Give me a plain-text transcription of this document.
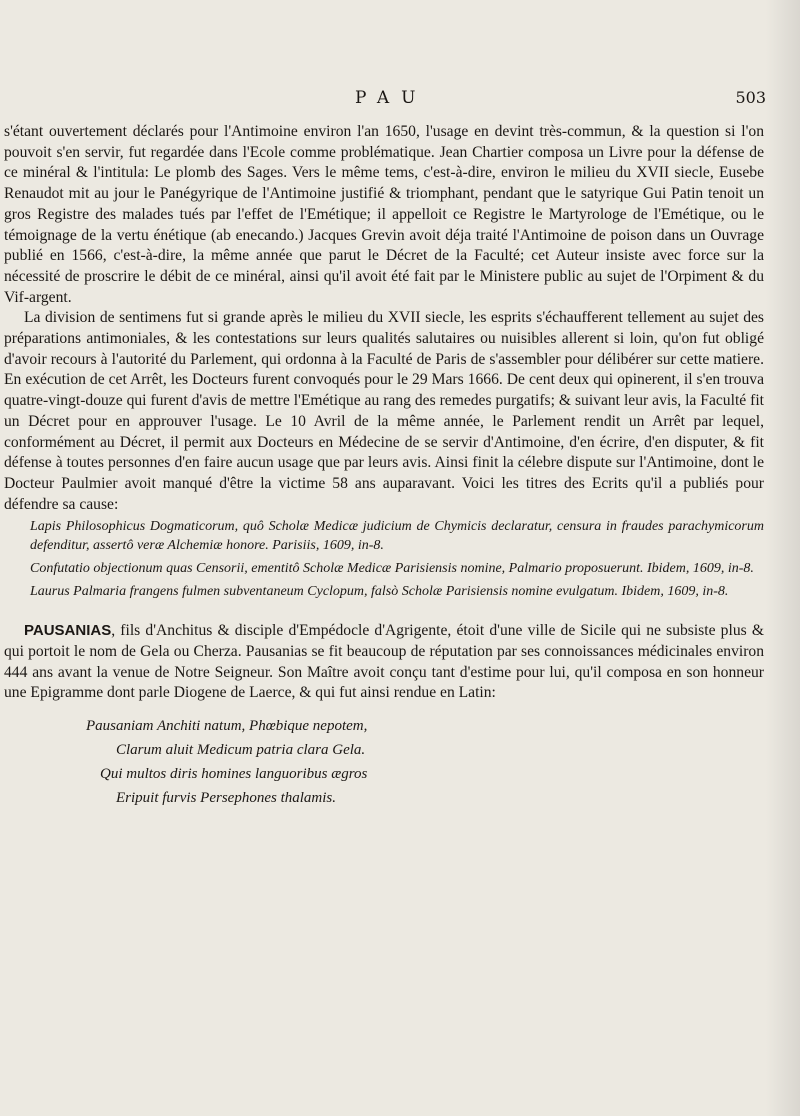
PAU	503

s'étant ouvertement déclarés pour l'Antimoine environ l'an 1650, l'usage en devint très-commun, & la question si l'on pouvoit s'en servir, fut regardée dans l'Ecole comme problématique. Jean Chartier composa un Livre pour la défense de ce minéral & l'intitula: Le plomb des Sages. Vers le même tems, c'est-à-dire, environ le milieu du XVII siecle, Eusebe Renaudot mit au jour le Panégyrique de l'Antimoine justifié & triomphant, pendant que le satyrique Gui Patin tenoit un gros Registre des malades tués par l'effet de l'Emétique; il appelloit ce Registre le Martyrologe de l'Emétique, ou le témoignage de la vertu énétique (ab enecando.) Jacques Grevin avoit déja traité l'Antimoine de poison dans un Ouvrage publié en 1566, c'est-à-dire, la même année que parut le Décret de la Faculté; cet Auteur insiste avec force sur la nécessité de proscrire le débit de ce minéral, ainsi qu'il avoit été fait par le Ministere public au sujet de l'Orpiment & du Vif-argent.

La division de sentimens fut si grande après le milieu du XVII siecle, les esprits s'échaufferent tellement au sujet des préparations antimoniales, & les contestations sur leurs qualités salutaires ou nuisibles allerent si loin, qu'on fut obligé d'avoir recours à l'autorité du Parlement, qui ordonna à la Faculté de Paris de s'assembler pour délibérer sur cette matiere. En exécution de cet Arrêt, les Docteurs furent convoqués pour le 29 Mars 1666. De cent deux qui opinerent, il s'en trouva quatre-vingt-douze qui furent d'avis de mettre l'Emétique au rang des remedes purgatifs; & suivant leur avis, la Faculté fit un Décret pour en approuver l'usage. Le 10 Avril de la même année, le Parlement rendit un Arrêt par lequel, conformément au Décret, il permit aux Docteurs en Médecine de se servir d'Antimoine, d'en écrire, d'en disputer, & fit défense à toutes personnes d'en faire aucun usage que par leurs avis. Ainsi finit la célebre dispute sur l'Antimoine, dont le Docteur Paulmier avoit manqué d'être la victime 58 ans auparavant. Voici les titres des Ecrits qu'il a publiés pour défendre sa cause:

Lapis Philosophicus Dogmaticorum, quô Scholæ Medicæ judicium de Chymicis declaratur, censura in fraudes parachymicorum defenditur, assertô veræ Alchemiæ honore. Parisiis, 1609, in-8.

Confutatio objectionum quas Censorii, ementitô Scholæ Medicæ Parisiensis nomine, Palmario proposuerunt. Ibidem, 1609, in-8.

Laurus Palmaria frangens fulmen subventaneum Cyclopum, falsò Scholæ Parisiensis nomine evulgatum. Ibidem, 1609, in-8.

PAUSANIAS, fils d'Anchitus & disciple d'Empédocle d'Agrigente, étoit d'une ville de Sicile qui ne subsiste plus & qui portoit le nom de Gela ou Cherza. Pausanias se fit beaucoup de réputation par ses connoissances médicinales environ 444 ans avant la venue de Notre Seigneur. Son Maître avoit conçu tant d'estime pour lui, qu'il composa en son honneur une Epigramme dont parle Diogene de Laerce, & qui fut ainsi rendue en Latin:

Pausaniam Anchiti natum, Phœbique nepotem,
Clarum aluit Medicum patria clara Gela.
Qui multos diris homines languoribus ægros
Eripuit furvis Persephones thalamis.
